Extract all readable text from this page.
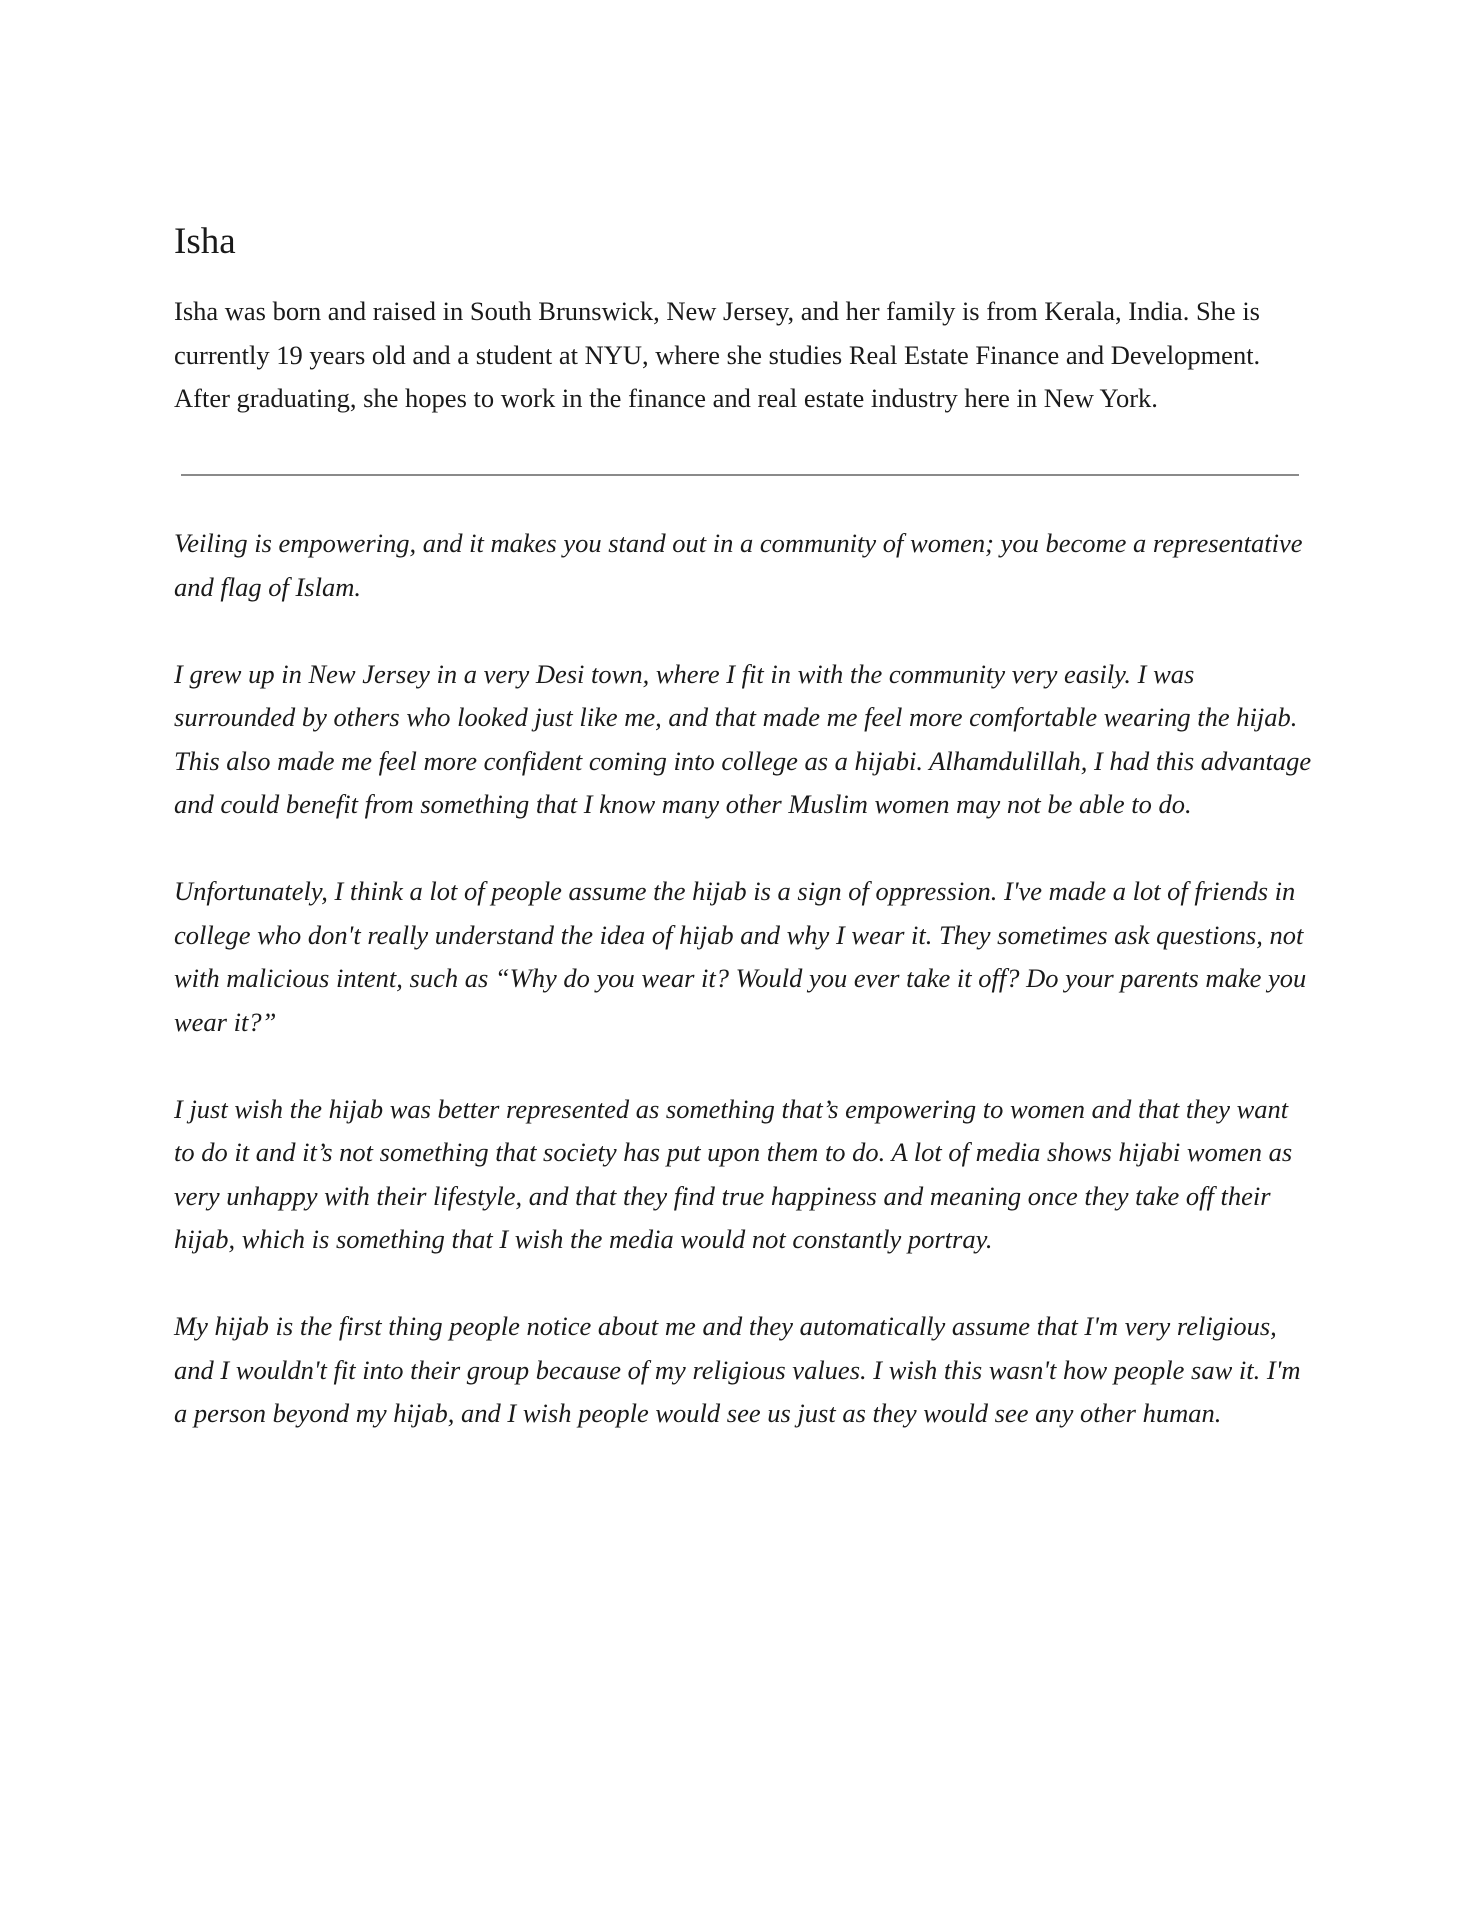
Isha

Isha was born and raised in South Brunswick, New Jersey, and her family is from Kerala, India. She is currently 19 years old and a student at NYU, where she studies Real Estate Finance and Development. After graduating, she hopes to work in the finance and real estate industry here in New York.

Veiling is empowering, and it makes you stand out in a community of women; you become a representative and flag of Islam.

I grew up in New Jersey in a very Desi town, where I fit in with the community very easily. I was surrounded by others who looked just like me, and that made me feel more comfortable wearing the hijab. This also made me feel more confident coming into college as a hijabi. Alhamdulillah, I had this advantage and could benefit from something that I know many other Muslim women may not be able to do.

Unfortunately, I think a lot of people assume the hijab is a sign of oppression. I've made a lot of friends in college who don't really understand the idea of hijab and why I wear it. They sometimes ask questions, not with malicious intent, such as “Why do you wear it? Would you ever take it off? Do your parents make you wear it?”

I just wish the hijab was better represented as something that’s empowering to women and that they want to do it and it’s not something that society has put upon them to do. A lot of media shows hijabi women as very unhappy with their lifestyle, and that they find true happiness and meaning once they take off their hijab, which is something that I wish the media would not constantly portray.

My hijab is the first thing people notice about me and they automatically assume that I'm very religious, and I wouldn't fit into their group because of my religious values. I wish this wasn't how people saw it. I'm a person beyond my hijab, and I wish people would see us just as they would see any other human.
